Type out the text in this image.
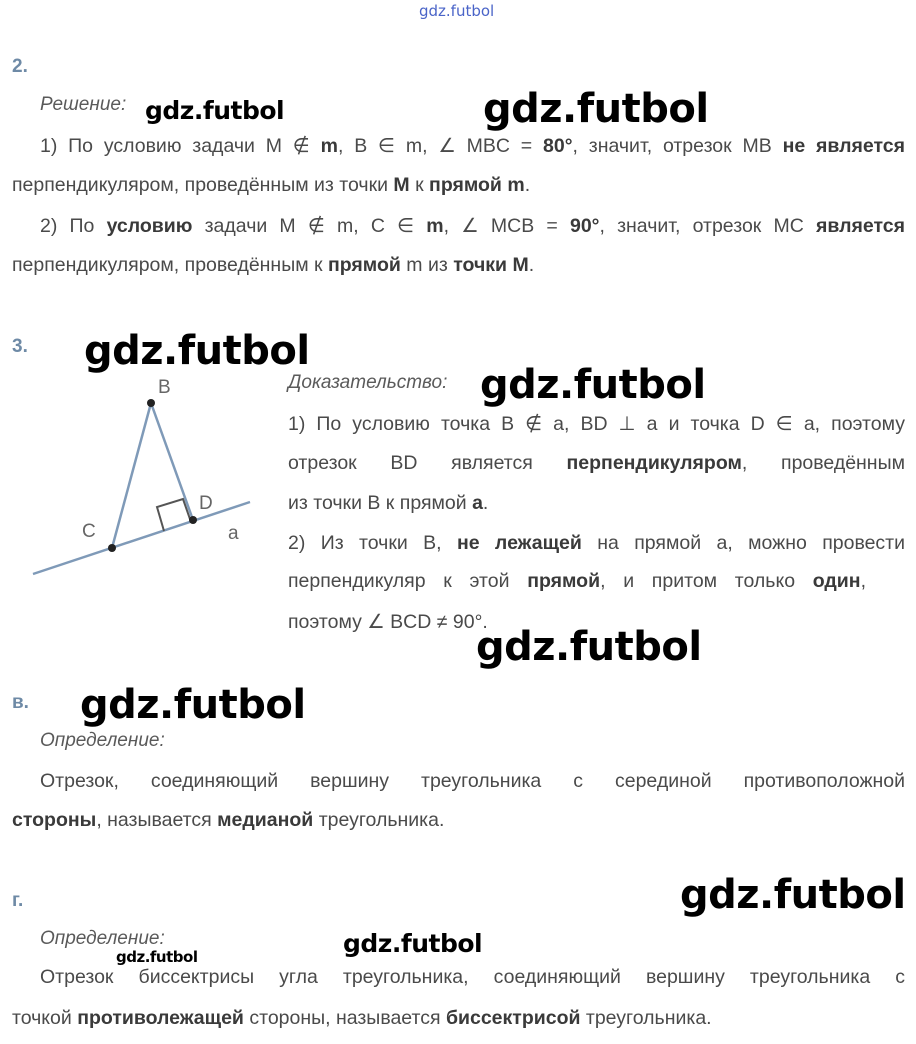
gdz.futbol
2.
Решение:
1) По условию задачи M ∉ m, B ∈ m, ∠ MBC = 80°, значит, отрезок MB не является
перпендикуляром, проведённым из точки M к прямой m.
2) По условию задачи M ∉ m, C ∈ m, ∠ MCB = 90°, значит, отрезок MC является
перпендикуляром, проведённым к прямой m из точки M.
3.
B
C
D
a
Доказательство:
1) По условию точка B ∉ a, BD ⊥ a и точка D ∈ a, поэтому
отрезок BD является перпендикуляром, проведённым
из точки B к прямой a.
2) Из точки B, не лежащей на прямой a, можно провести
перпендикуляр к этой прямой, и притом только один,
поэтому ∠ BCD ≠ 90°.
в.
Определение:
Отрезок, соединяющий вершину треугольника с серединой противоположной
стороны, называется медианой треугольника.
г.
Определение:
Отрезок биссектрисы угла треугольника, соединяющий вершину треугольника с
точкой противолежащей стороны, называется биссектрисой треугольника.
gdz.futbol	gdz.futbol
gdz.futbol
gdz.futbol
gdz.futbol
gdz.futbol
gdz.futbol
gdz.futbol
gdz.futbol
